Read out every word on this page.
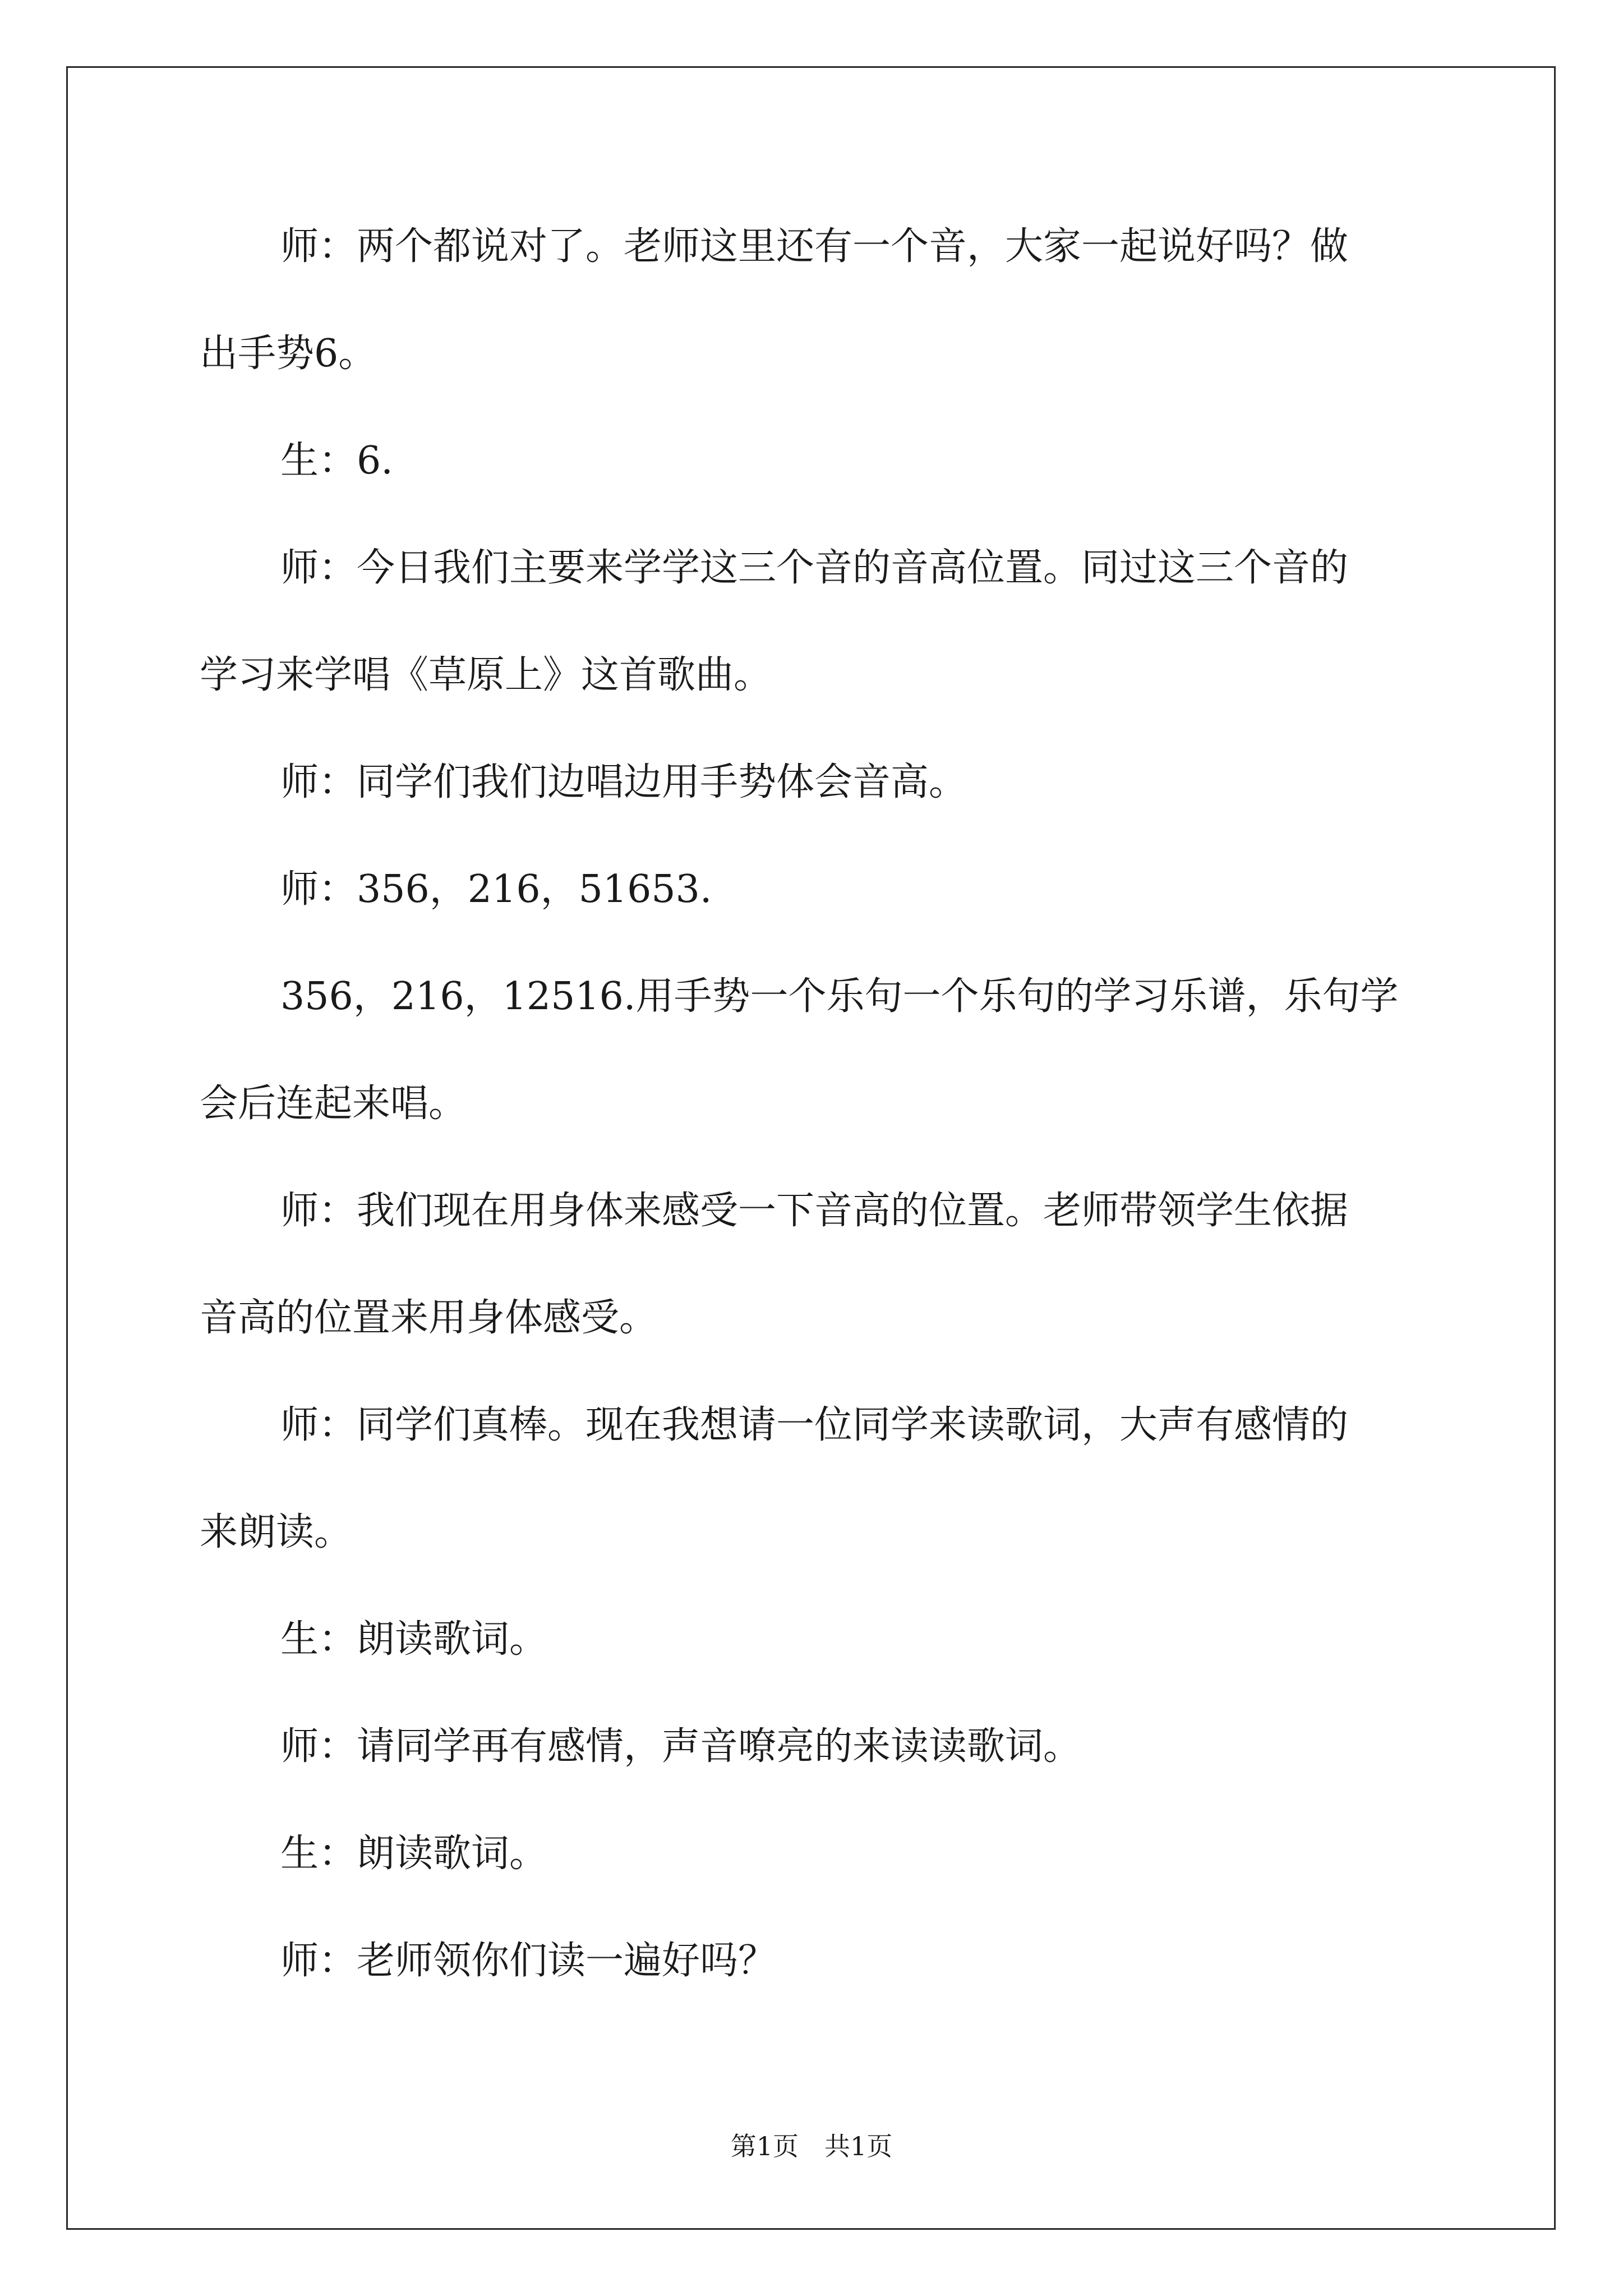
师：两个都说对了。老师这里还有一个音，大家一起说好吗？做

出手势6。

生：6.

师：今日我们主要来学学这三个音的音高位置。同过这三个音的

学习来学唱《草原上》这首歌曲。

师：同学们我们边唱边用手势体会音高。

师：356，216，51653.

356，216，12516.用手势一个乐句一个乐句的学习乐谱，乐句学

会后连起来唱。

师：我们现在用身体来感受一下音高的位置。老师带领学生依据

音高的位置来用身体感受。

师：同学们真棒。现在我想请一位同学来读歌词，大声有感情的

来朗读。

生：朗读歌词。

师：请同学再有感情，声音嘹亮的来读读歌词。

生：朗读歌词。

师：老师领你们读一遍好吗？

第1页　共1页
